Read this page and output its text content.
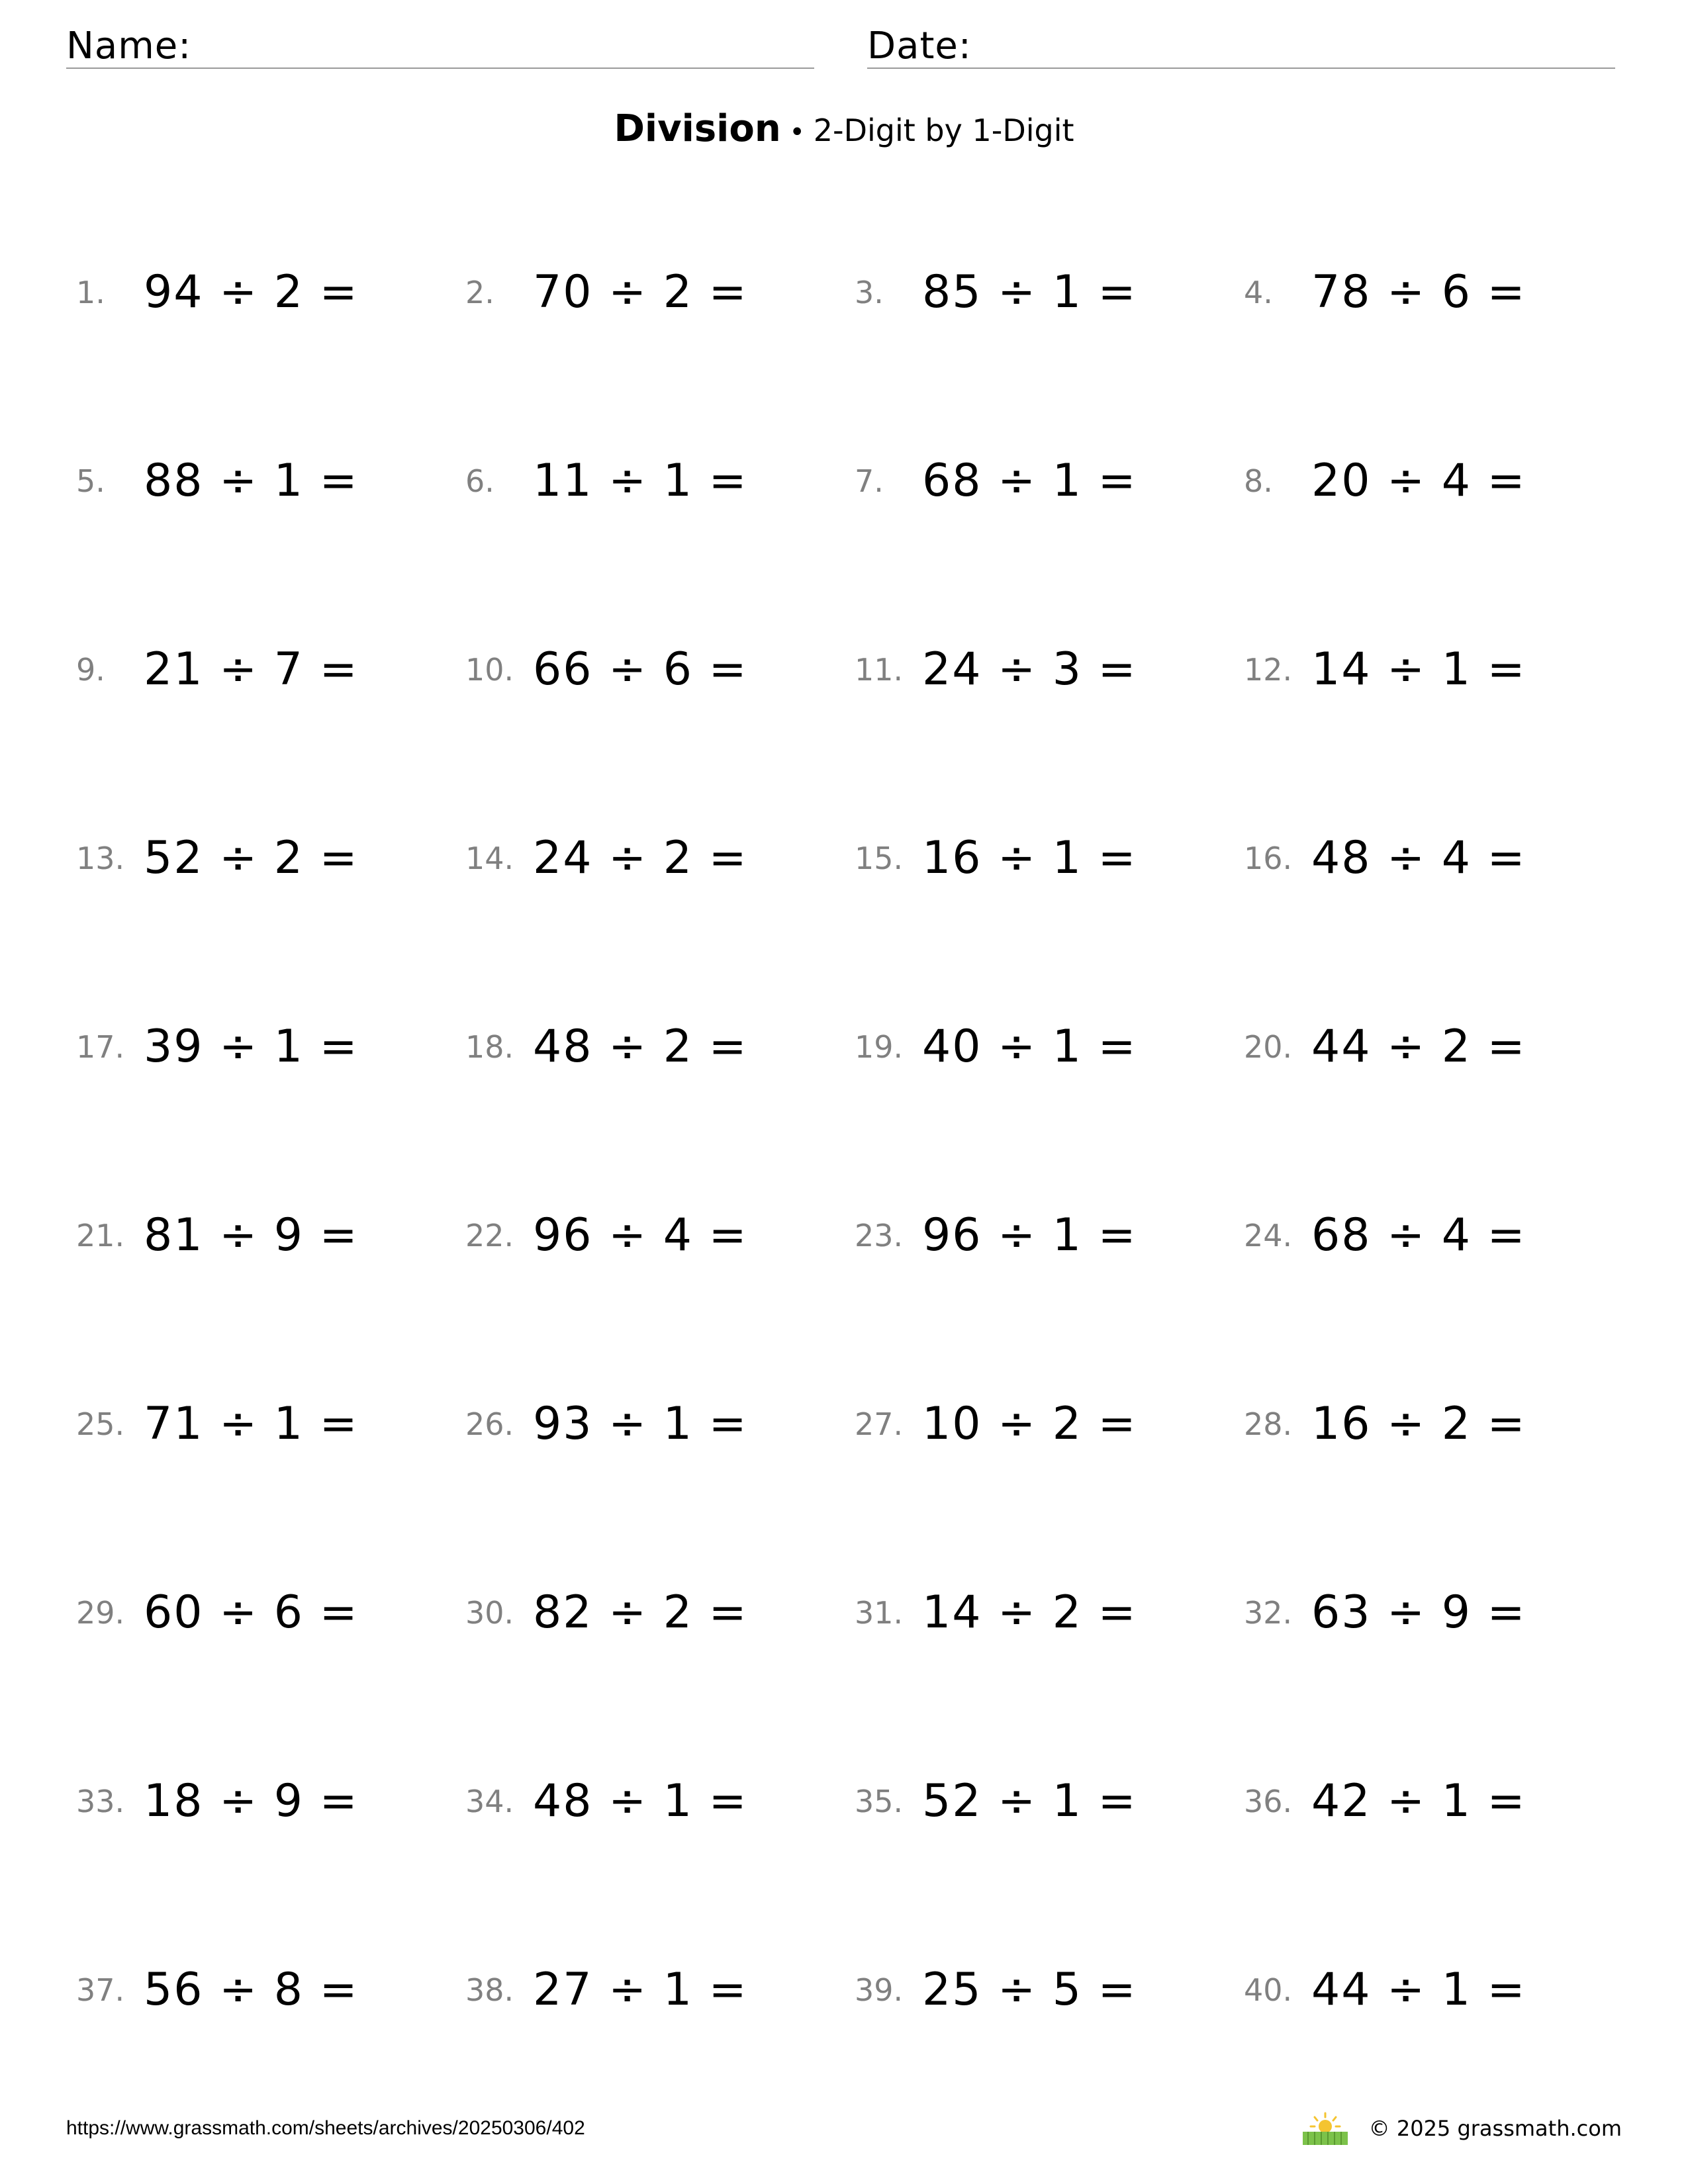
Name:	Date:
Division • 2-Digit by 1-Digit
1. 94 ÷ 2 =	2. 70 ÷ 2 =	3. 85 ÷ 1 =	4. 78 ÷ 6 =
5. 88 ÷ 1 =	6. 11 ÷ 1 =	7. 68 ÷ 1 =	8. 20 ÷ 4 =
9. 21 ÷ 7 =	10. 66 ÷ 6 =	11. 24 ÷ 3 =	12. 14 ÷ 1 =
13. 52 ÷ 2 =	14. 24 ÷ 2 =	15. 16 ÷ 1 =	16. 48 ÷ 4 =
17. 39 ÷ 1 =	18. 48 ÷ 2 =	19. 40 ÷ 1 =	20. 44 ÷ 2 =
21. 81 ÷ 9 =	22. 96 ÷ 4 =	23. 96 ÷ 1 =	24. 68 ÷ 4 =
25. 71 ÷ 1 =	26. 93 ÷ 1 =	27. 10 ÷ 2 =	28. 16 ÷ 2 =
29. 60 ÷ 6 =	30. 82 ÷ 2 =	31. 14 ÷ 2 =	32. 63 ÷ 9 =
33. 18 ÷ 9 =	34. 48 ÷ 1 =	35. 52 ÷ 1 =	36. 42 ÷ 1 =
37. 56 ÷ 8 =	38. 27 ÷ 1 =	39. 25 ÷ 5 =	40. 44 ÷ 1 =
https://www.grassmath.com/sheets/archives/20250306/402	© 2025 grassmath.com
